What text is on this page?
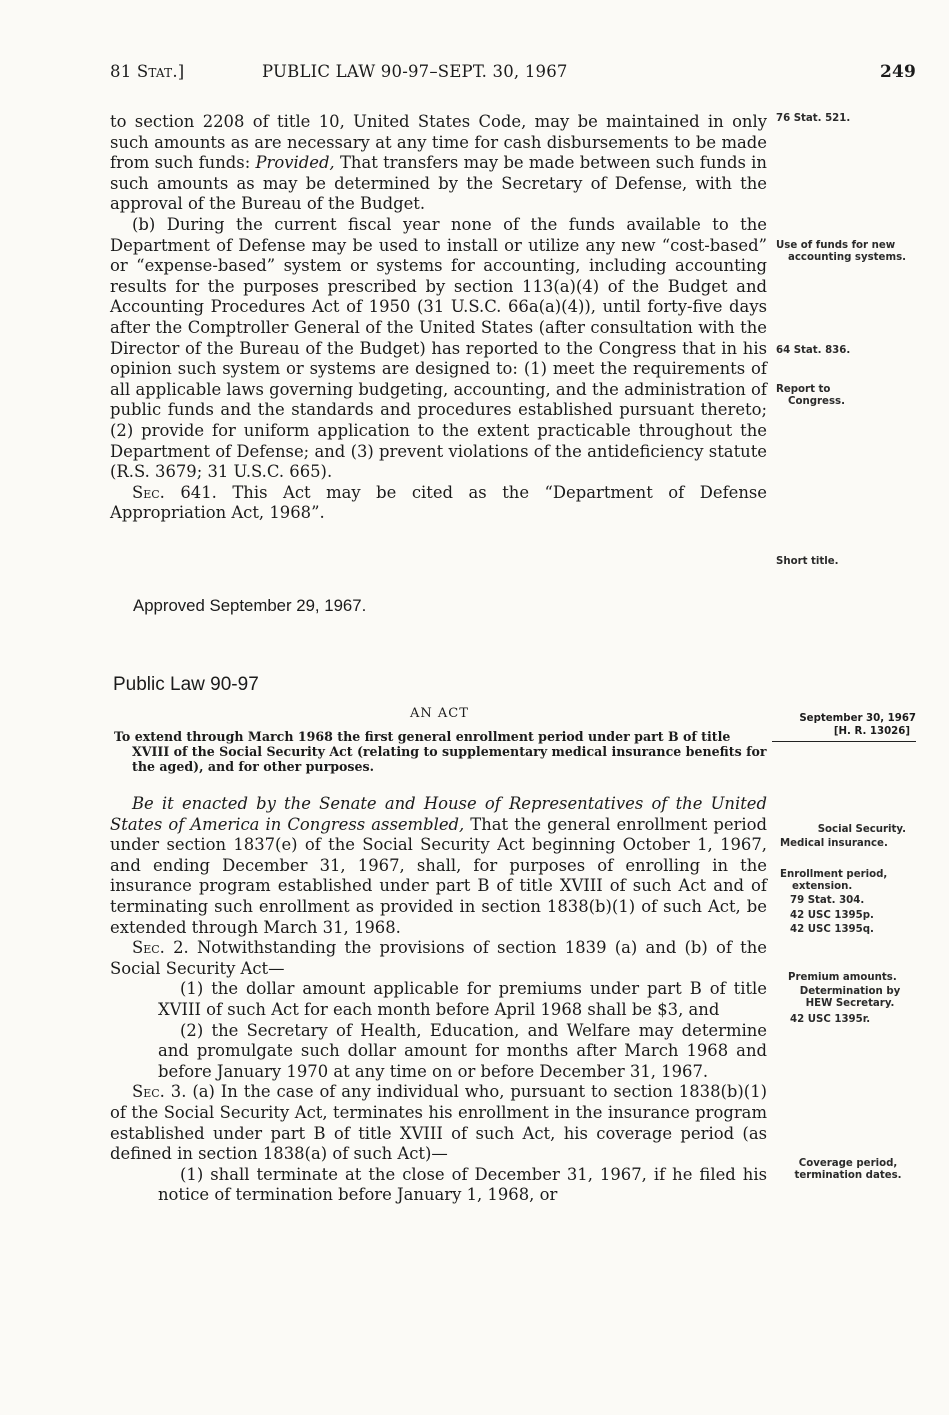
81 Stat.]	PUBLIC LAW 90-97–SEPT. 30, 1967	249

to section 2208 of title 10, United States Code, may be maintained in only such amounts as are necessary at any time for cash disbursements to be made from such funds: Provided, That transfers may be made between such funds in such amounts as may be determined by the Secretary of Defense, with the approval of the Bureau of the Budget.

(b) During the current fiscal year none of the funds available to the Department of Defense may be used to install or utilize any new “cost-based” or “expense-based” system or systems for accounting, including accounting results for the purposes prescribed by section 113(a)(4) of the Budget and Accounting Procedures Act of 1950 (31 U.S.C. 66a(a)(4)), until forty-five days after the Comptroller General of the United States (after consultation with the Director of the Bureau of the Budget) has reported to the Congress that in his opinion such system or systems are designed to: (1) meet the requirements of all applicable laws governing budgeting, accounting, and the administration of public funds and the standards and procedures established pursuant thereto; (2) provide for uniform application to the extent practicable throughout the Department of Defense; and (3) prevent violations of the antideficiency statute (R.S. 3679; 31 U.S.C. 665).

Sec. 641. This Act may be cited as the “Department of Defense Appropriation Act, 1968”.

Approved September 29, 1967.
76 Stat. 521.
Use of funds for new accounting systems.
64 Stat. 836.
Report to Congress.
Short title.
Public Law 90-97
AN ACT

To extend through March 1968 the first general enrollment period under part B of title XVIII of the Social Security Act (relating to supplementary medical insurance benefits for the aged), and for other purposes.

September 30, 1967
[H. R. 13026]

Be it enacted by the Senate and House of Representatives of the United States of America in Congress assembled, That the general enrollment period under section 1837(e) of the Social Security Act beginning October 1, 1967, and ending December 31, 1967, shall, for purposes of enrolling in the insurance program established under part B of title XVIII of such Act and of terminating such enrollment as provided in section 1838(b)(1) of such Act, be extended through March 31, 1968.

Sec. 2. Notwithstanding the provisions of section 1839 (a) and (b) of the Social Security Act—

(1) the dollar amount applicable for premiums under part B of title XVIII of such Act for each month before April 1968 shall be $3, and

(2) the Secretary of Health, Education, and Welfare may determine and promulgate such dollar amount for months after March 1968 and before January 1970 at any time on or before December 31, 1967.

Sec. 3. (a) In the case of any individual who, pursuant to section 1838(b)(1) of the Social Security Act, terminates his enrollment in the insurance program established under part B of title XVIII of such Act, his coverage period (as defined in section 1838(a) of such Act)—

(1) shall terminate at the close of December 31, 1967, if he filed his notice of termination before January 1, 1968, or

Social Security.
Medical insurance.
Enrollment period, extension.
79 Stat. 304.
42 USC 1395p.
42 USC 1395q.
Premium amounts.
Determination by HEW Secretary.
42 USC 1395r.
Coverage period, termination dates.
